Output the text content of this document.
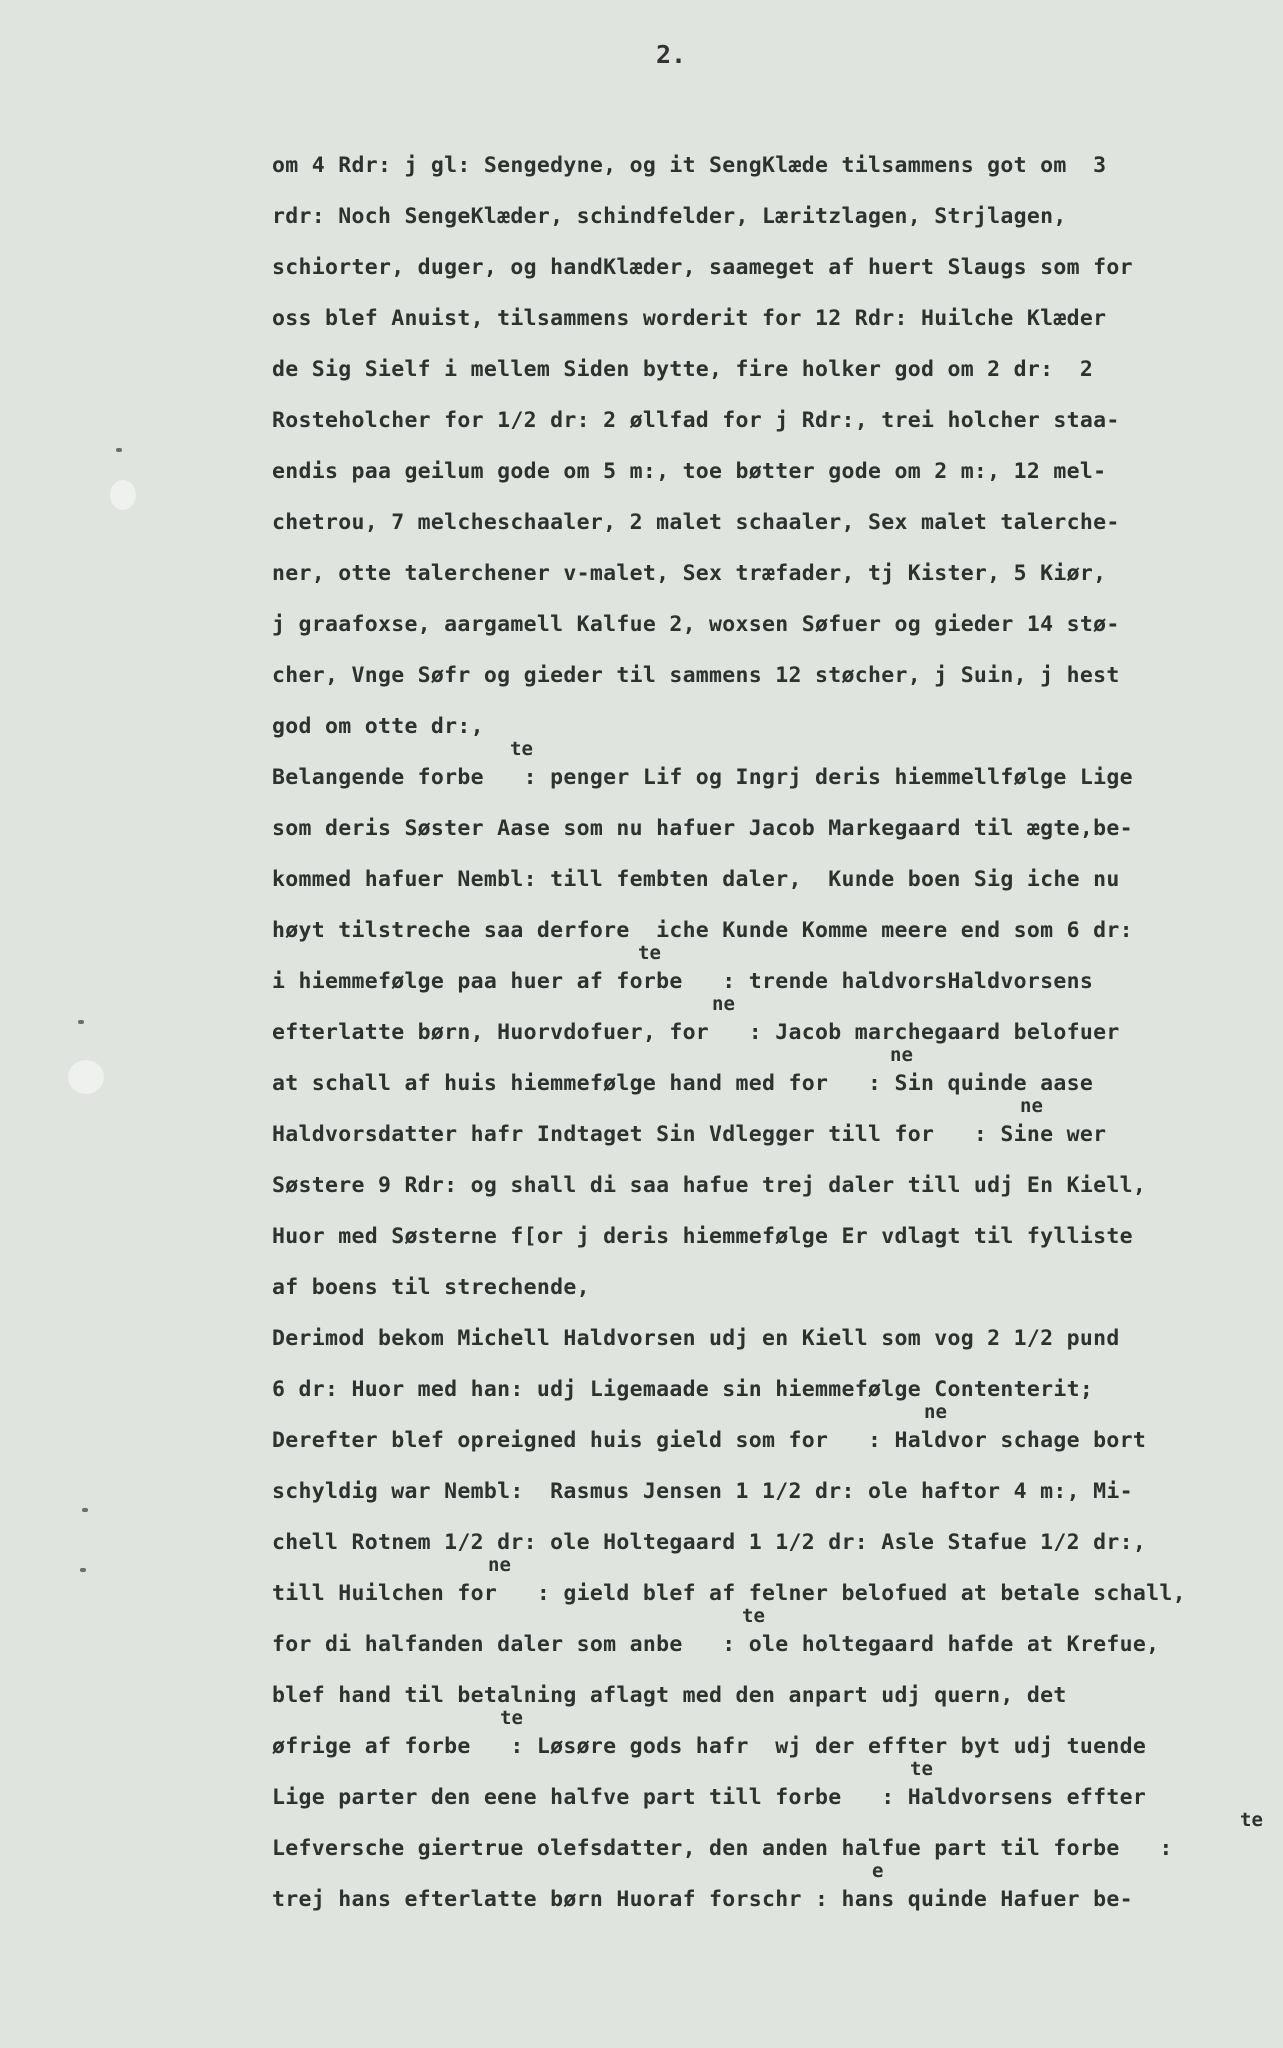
2.
om 4 Rdr: j gl: Sengedyne, og it SengKlæde tilsammens got om  3
rdr: Noch SengeKlæder, schindfelder, Læritzlagen, Strjlagen,
schiorter, duger, og handKlæder, saameget af huert Slaugs som for
oss blef Anuist, tilsammens worderit for 12 Rdr: Huilche Klæder
de Sig Sielf i mellem Siden bytte, fire holker god om 2 dr:  2
Rosteholcher for 1/2 dr: 2 øllfad for j Rdr:, trei holcher staa-
endis paa geilum gode om 5 m:, toe bøtter gode om 2 m:, 12 mel-
chetrou, 7 melcheschaaler, 2 malet schaaler, Sex malet talerche-
ner, otte talerchener v-malet, Sex træfader, tj Kister, 5 Kiør,
j graafoxse, aargamell Kalfue 2, woxsen Søfuer og gieder 14 stø-
cher, Vnge Søfr og gieder til sammens 12 støcher, j Suin, j hest
god om otte dr:,
te
Belangende forbe   : penger Lif og Ingrj deris hiemmellfølge Lige
som deris Søster Aase som nu hafuer Jacob Markegaard til ægte,be-
kommed hafuer Nembl: till fembten daler,  Kunde boen Sig iche nu
høyt tilstreche saa derfore  iche Kunde Komme meere end som 6 dr:
te
i hiemmefølge paa huer af forbe   : trende haldvorsHaldvorsens
ne
efterlatte børn, Huorvdofuer, for   : Jacob marchegaard belofuer
ne
at schall af huis hiemmefølge hand med for   : Sin quinde aase
ne
Haldvorsdatter hafr Indtaget Sin Vdlegger till for   : Sine wer
Søstere 9 Rdr: og shall di saa hafue trej daler till udj En Kiell,
Huor med Søsterne f[or j deris hiemmefølge Er vdlagt til fylliste
af boens til strechende,
Derimod bekom Michell Haldvorsen udj en Kiell som vog 2 1/2 pund
6 dr: Huor med han: udj Ligemaade sin hiemmefølge Contenterit;
ne
Derefter blef opreigned huis gield som for   : Haldvor schage bort
schyldig war Nembl:  Rasmus Jensen 1 1/2 dr: ole haftor 4 m:, Mi-
chell Rotnem 1/2 dr: ole Holtegaard 1 1/2 dr: Asle Stafue 1/2 dr:,
ne
till Huilchen for   : gield blef af felner belofued at betale schall,
te
for di halfanden daler som anbe   : ole holtegaard hafde at Krefue,
blef hand til betalning aflagt med den anpart udj quern, det
te
øfrige af forbe   : Løsøre gods hafr  wj der effter byt udj tuende
te
Lige parter den eene halfve part till forbe   : Haldvorsens effter
te
Lefversche giertrue olefsdatter, den anden halfue part til forbe   :
e
trej hans efterlatte børn Huoraf forschr : hans quinde Hafuer be-
